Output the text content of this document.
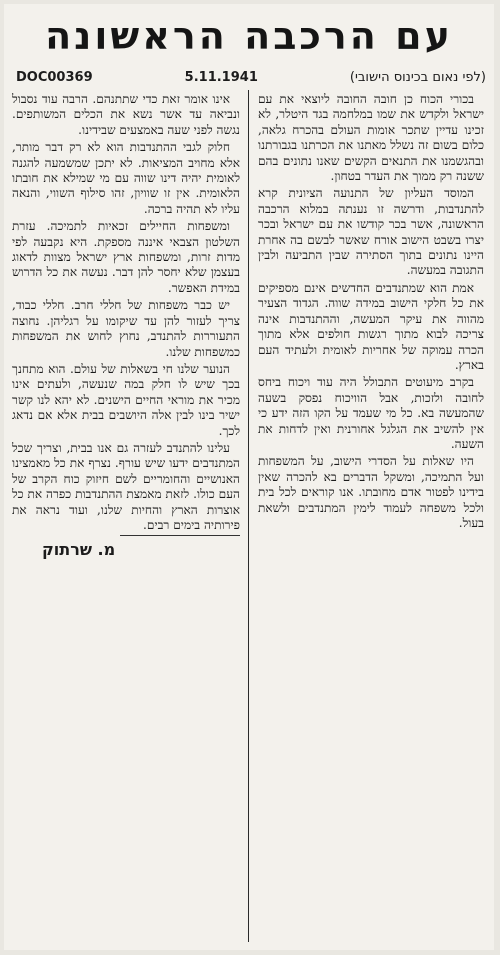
עם הרכבה הראשונה
DOC00369	5.11.1941	(לפי נאום בכינוס הישובי)

בכורי הכוח כן חובה החובה ליוצאי את עם ישראל ולקדש את שמו במלחמה בגד היטלר, לא זכינו עדיין שתכר אומות העולם בהכרח גלאה, כלום בשום זה נשלל מאתנו את הכרתנו בגבורתנו ובהגשמנו את התנאים הקשים שאנו נתונים בהם ששנה רק ממוך את העדר בטחון.

המוסד העליון של התנועה הציונית קרא להתנדבות, ודרשה זו נענתה במלוא הרכבה הראשונה, אשר בכר קודשו את עם ישראל ובכר יצרו בשבט הישוב אורח שאשר לבשם בה אחרת היינו נתונים בתוך הסתירה שבין התביעה ולבין התגובה במעשה.

אמת הוא שמתנדבים החדשים אינם מספיקים את כל חלקי הישוב במידה שווה. הגדוד הצעיר מהווה את עיקר המעשה, וההתנדבות אינה צריכה לבוא מתוך רגשות חולפים אלא מתוך הכרה עמוקה של אחריות לאומית ולעתיד העם בארץ.

בקרב מיעוטים התבולל היה עוד ויכוח ביחס לחובה ולזכות, אבל הוויכוח נפסק בשעה שהמעשה בא. כל מי שעמד על הקו הזה ידע כי אין להשיב את הגלגל אחורנית ואין לדחות את השעה.

היו שאלות על הסדרי הישוב, על המשפחות ועל התמיכה, ומשקל הדברים בא להכרה שאין בידינו לפטור אדם מחובתו. אנו קוראים לכל בית ולכל משפחה לעמוד לימין המתנדבים ולשאת בעול.

אינו אומר זאת כדי שתתנהם. הרבה עוד נסבול ונביאה עד אשר נשא את הכלים המשותפים. נגשה לפני שעה באמצעים שבידינו.

חלוק לגבי ההתנדבות הוא לא רק דבר מותר, אלא מחויב המציאות. לא יתכן שמשמעה להגנה לאומית יהיה דינו שווה עם מי שמילא את חובתו הלאומית. אין זו שוויון, זהו סילוף השווי, והנאה עליו לא תהיה ברכה.

ומשפחות החיילים זכאיות לתמיכה. עזרת השלטון הצבאי איננה מספקת. היא נקבעה לפי מדות זרות, ומשפחות ארץ ישראל מצוות לדאוג בעצמן שלא יחסר להן דבר. נעשה את כל הדרוש במידת האפשר.

יש כבר משפחות של חללי חרב. חללי כבוד, צריך לעזור להן עד שיקומו על רגליהן. נחוצה התעוררות להתנדב, נחוץ לחוש את המשפחות כמשפחות שלנו.

הנוער שלנו חי בשאלות של עולם. הוא מתחנך בכך שיש לו חלק במה שנעשה, ולעתים אינו מכיר את מוראי החיים הישנים. לא יהא לנו קשר ישיר בינו לבין אלה היושבים בבית אלא אם נדאג לכך.

עלינו להתנדב לעזרה גם אנו בבית, וצריך שכל המתנדבים ידעו שיש עורף. נצרף את כל מאמצינו האנושיים והחומריים לשם חיזוק כוח הקרב של העם כולו. לזאת מאמצת ההתנדבות כפרה את כל אוצרות הארץ והחיות שלנו, ועוד נראה את פירותיה בימים רבים.

מ. שרתוק
